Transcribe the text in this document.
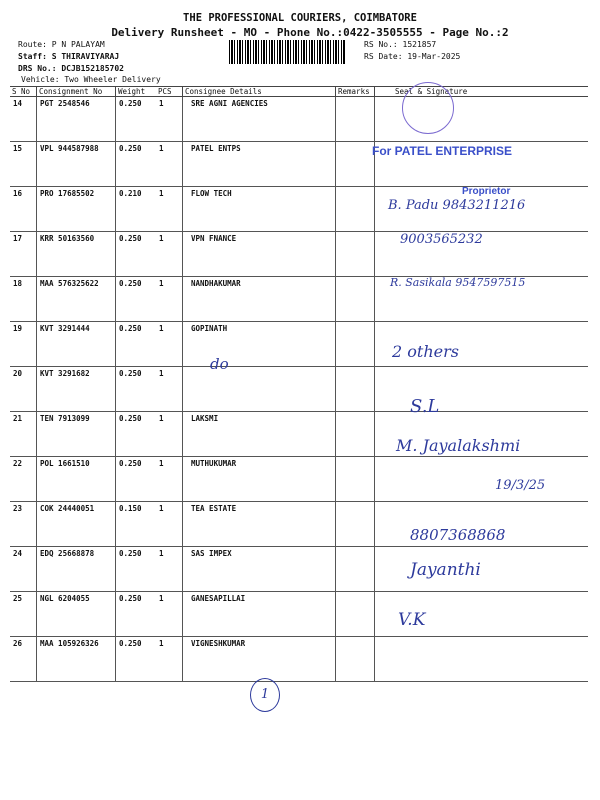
THE PROFESSIONAL COURIERS, COIMBATORE
Delivery Runsheet - MO - Phone No.:0422-3505555 - Page No.:2
Route: P N PALAYAM
Staff: S THIRAVIYARAJ
DRS No.: DCJB152185702
Vehicle: Two Wheeler Delivery
RS No.: 1521857
RS Date: 19-Mar-2025
S No	Consignment No	Weight	PCS	Consignee Details	Remarks	Seal & Signature
14	PGT 2548546	0.250	1	SRE AGNI AGENCIES		
15	VPL 944587988	0.250	1	PATEL ENTPS		
16	PRO 17685502	0.210	1	FLOW TECH		
17	KRR 50163560	0.250	1	VPN FNANCE		
18	MAA 576325622	0.250	1	NANDHAKUMAR		
19	KVT 3291444	0.250	1	GOPINATH		
20	KVT 3291682	0.250	1			
21	TEN 7913099	0.250	1	LAKSMI		
22	POL 1661510	0.250	1	MUTHUKUMAR		
23	COK 24440051	0.150	1	TEA ESTATE		
24	EDQ 25668878	0.250	1	SAS IMPEX		
25	NGL 6204055	0.250	1	GANESAPILLAI		
26	MAA 105926326	0.250	1	VIGNESHKUMAR		
For PATEL ENTERPRISE
Proprietor
do
B. Padu 9843211216
9003565232
R. Sasikala 9547597515
2 others
S.L
M. Jayalakshmi
19/3/25
8807368868
Jayanthi
V.K
1
